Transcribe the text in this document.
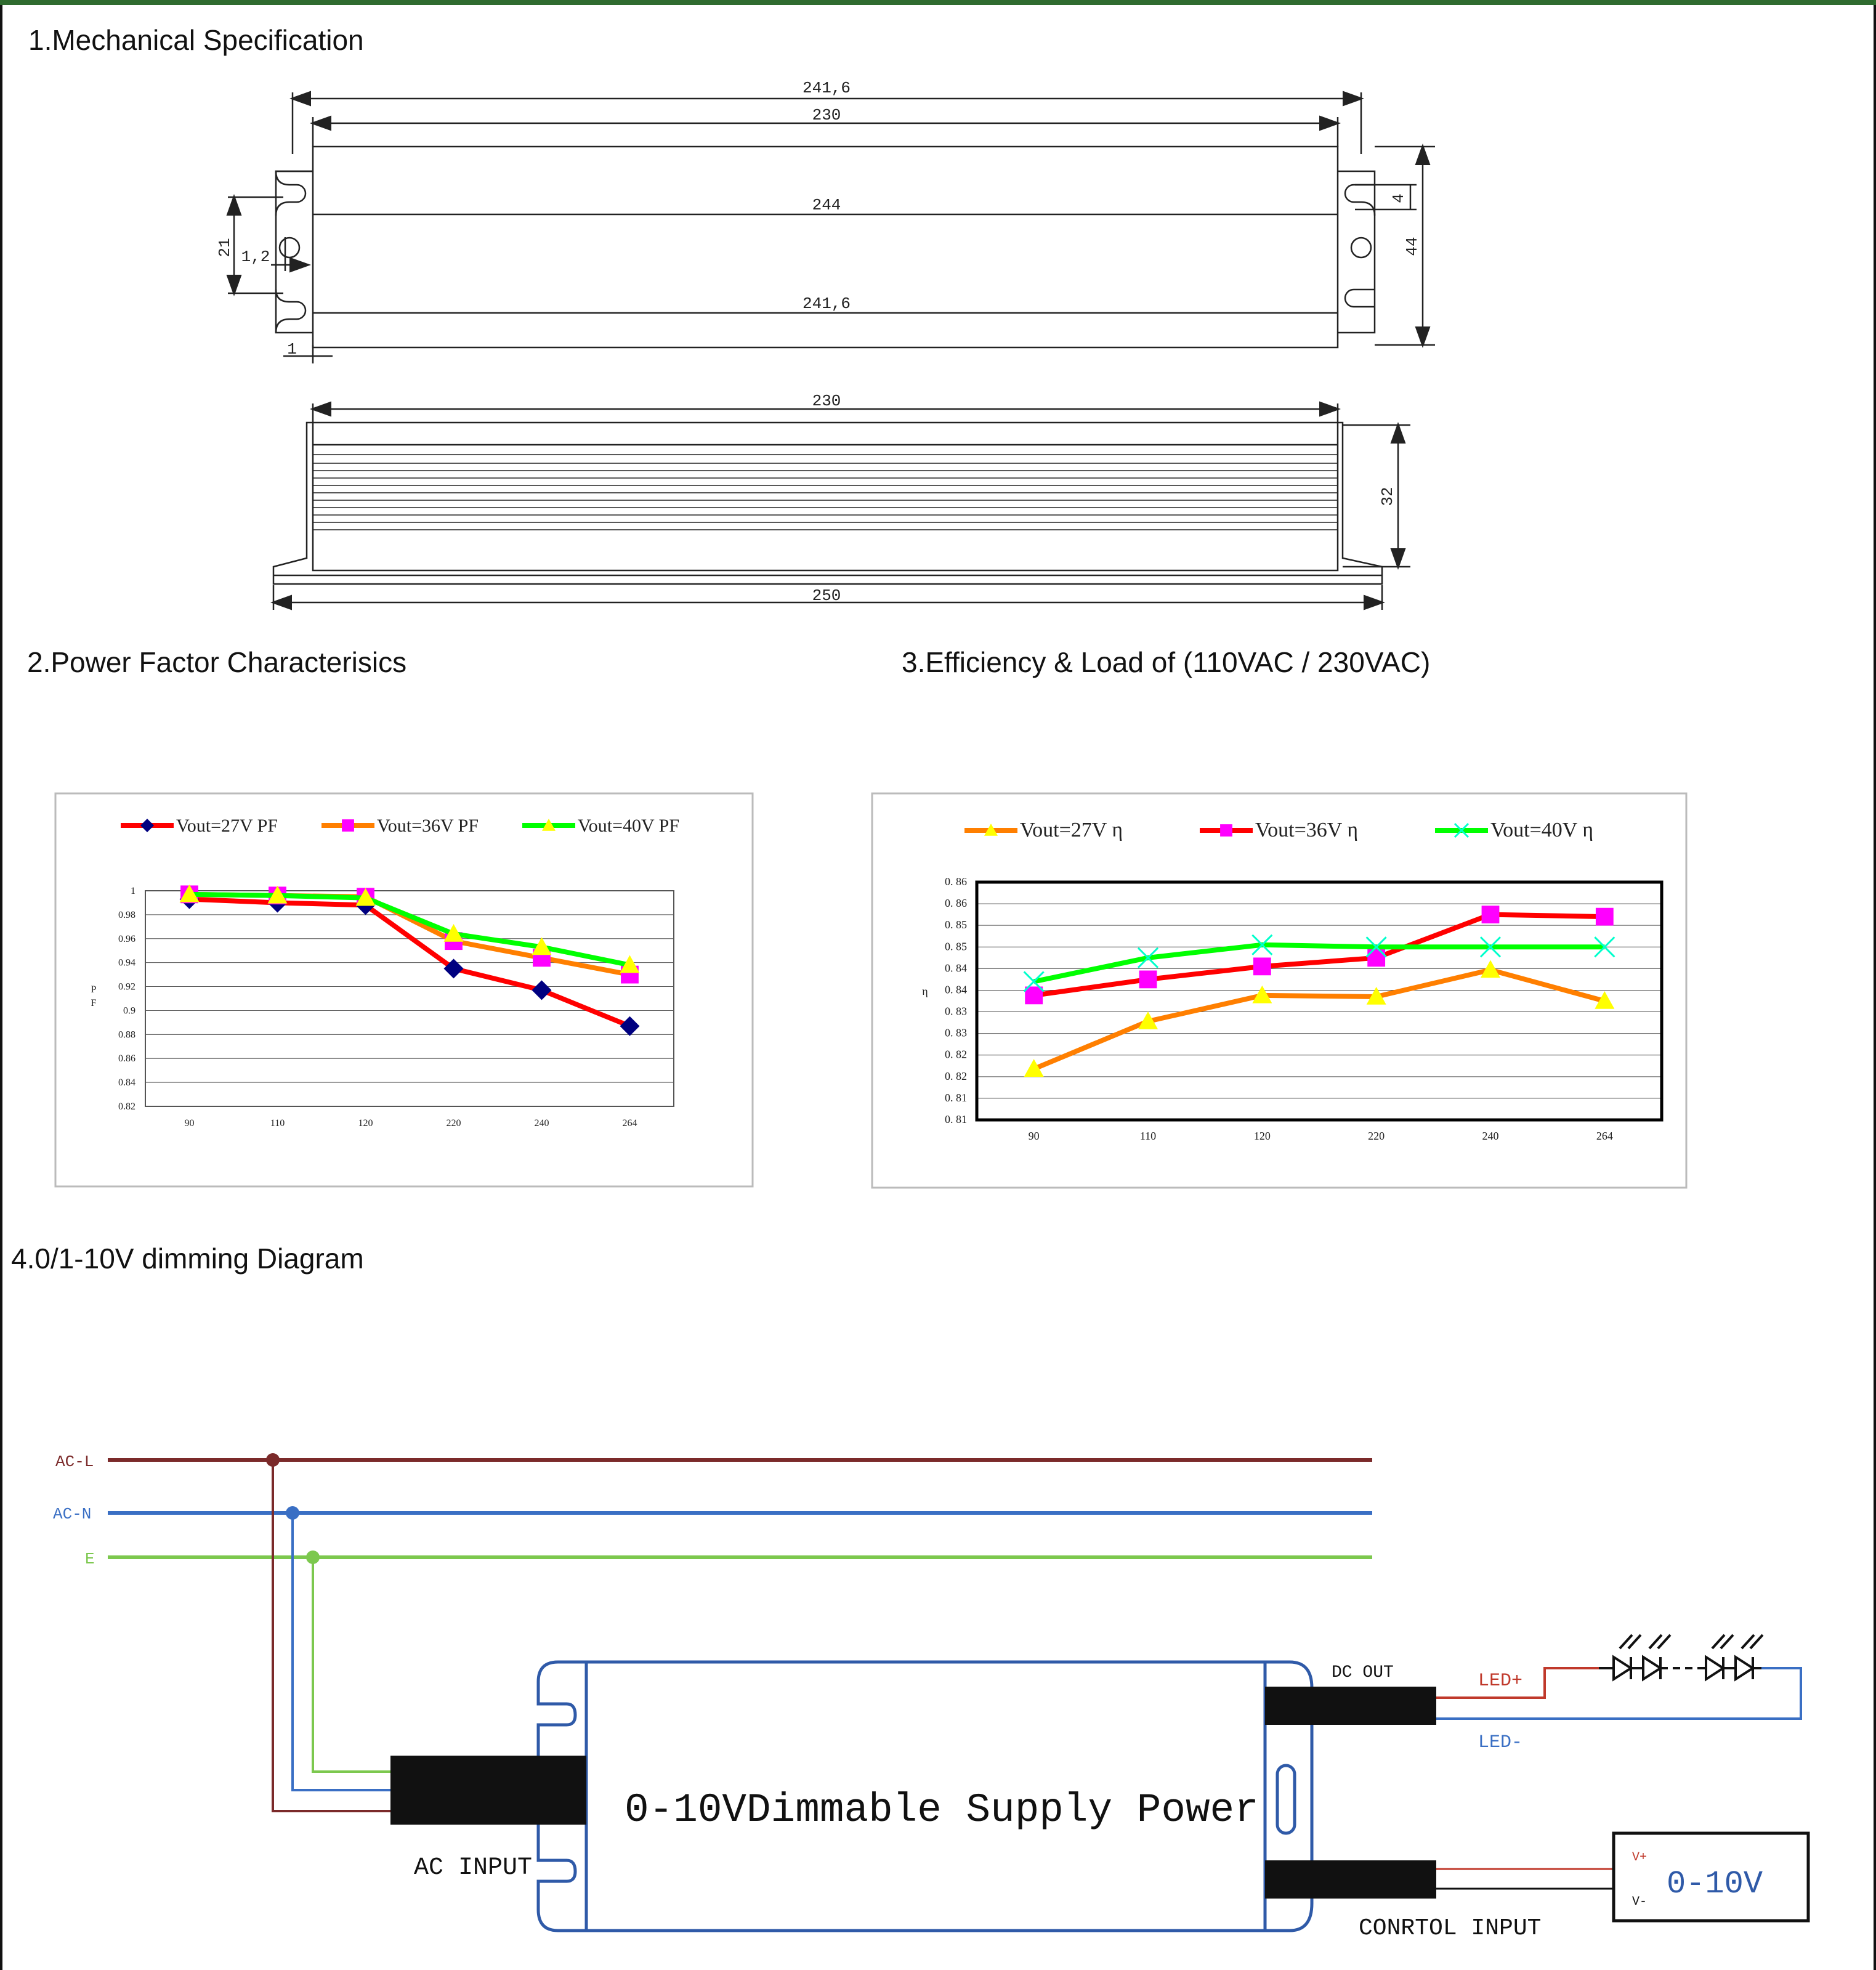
1.Mechanical Specification
2.Power Factor Characterisics	3.Efficiency & Load of (110VAC / 230VAC)
4.0/1-10V dimming Diagram
241,6
230
244
241,6
21 1,2
1
4
44
230
250
32
1
0.98
0.96
0.94
0.92
0.9
0.88
0.86
0.84
0.82
90	110	120	220	240	264
P
F
Vout=27V PF	Vout=36V PF	Vout=40V PF
0. 86
0. 86
0. 85
0. 85
0. 84
0. 84
0. 83
0. 83
0. 82
0. 82
0. 81
0. 81
90	110	120	220	240	264
η
Vout=27V η	Vout=36V η	Vout=40V η
AC-L
AC-N
E
0-10VDimmable Supply Power
AC INPUT
DC OUT	LED+
LED-
CONRTOL INPUT
0-10V
V+
V-
